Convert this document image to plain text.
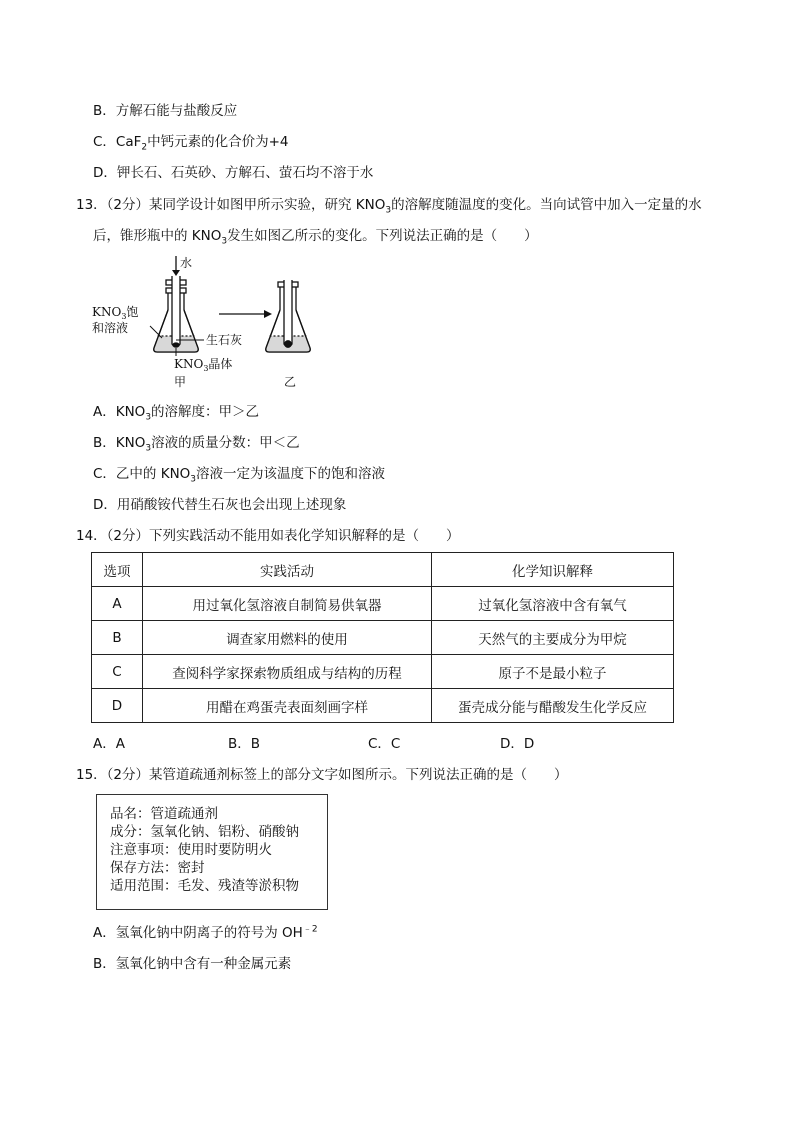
B．方解石能与盐酸反应
C．CaF$_2$中钙元素的化合价为+4
D．钾长石、石英砂、方解石、萤石均不溶于水
13．（2分）某同学设计如图甲所示实验，研究 $KNO_3$的溶解度随温度的变化。当向试管中加入一定量的水
后，锥形瓶中的 $KNO_3$发生如图乙所示的变化。下列说法正确的是（　　）
水
$KNO_3$饱
和溶液
生石灰
$KNO_3$晶体
甲	乙
A．$KNO_3$的溶解度：甲＞乙
B．$KNO_3$溶液的质量分数：甲＜乙
C．乙中的 $KNO_3$溶液一定为该温度下的饱和溶液
D．用硝酸铵代替生石灰也会出现上述现象
14．（2分）下列实践活动不能用如表化学知识解释的是（　　）
选项	实践活动	化学知识解释
A	用过氧化氢溶液自制简易供氧器	过氧化氢溶液中含有氧气
B	调查家用燃料的使用	天然气的主要成分为甲烷
C	查阅科学家探索物质组成与结构的历程	原子不是最小粒子
D	用醋在鸡蛋壳表面刻画字样	蛋壳成分能与醋酸发生化学反应
A．A	B．B	C．C	D．D
15．（2分）某管道疏通剂标签上的部分文字如图所示。下列说法正确的是（　　）
品名：管道疏通剂
成分：氢氧化钠、铝粉、硝酸钠
注意事项：使用时要防明火
保存方法：密封
适用范围：毛发、残渣等淤积物
A．氢氧化钠中阴离子的符号为 $OH^{﹣2}$
B．氢氧化钠中含有一种金属元素
